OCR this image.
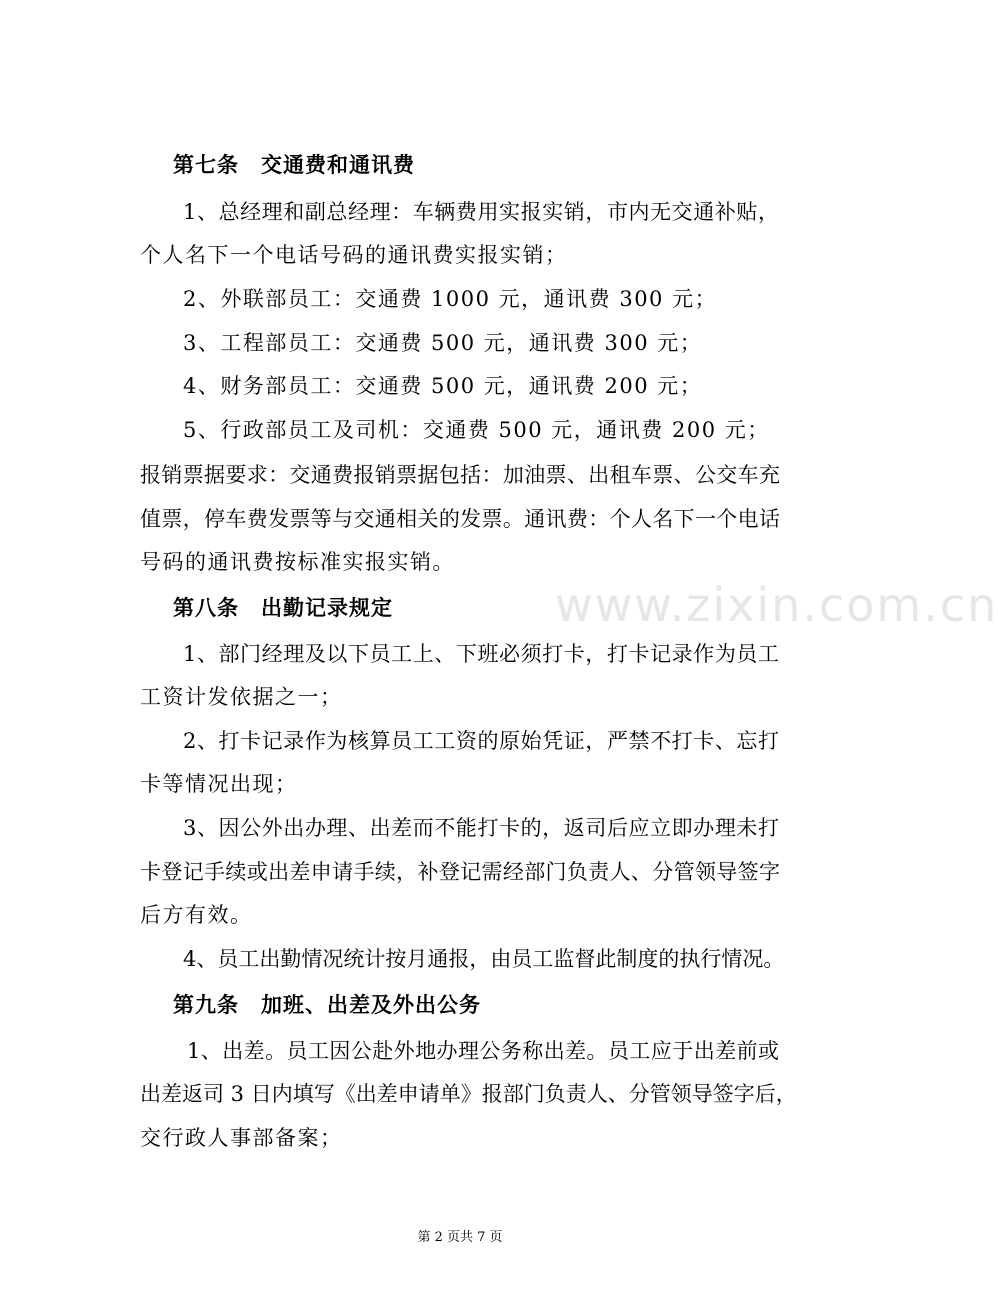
www.zixin.com.cn
第七条　交通费和通讯费
1、总经理和副总经理：车辆费用实报实销，市内无交通补贴，
个人名下一个电话号码的通讯费实报实销；
2、外联部员工：交通费 1000 元，通讯费 300 元；
3、工程部员工：交通费 500 元，通讯费 300 元；
4、财务部员工：交通费 500 元，通讯费 200 元；
5、行政部员工及司机：交通费 500 元，通讯费 200 元；
报销票据要求：交通费报销票据包括：加油票、出租车票、公交车充
值票，停车费发票等与交通相关的发票。通讯费：个人名下一个电话
号码的通讯费按标准实报实销。
第八条　出勤记录规定
1、部门经理及以下员工上、下班必须打卡，打卡记录作为员工
工资计发依据之一；
2、打卡记录作为核算员工工资的原始凭证，严禁不打卡、忘打
卡等情况出现；
3、因公外出办理、出差而不能打卡的，返司后应立即办理未打
卡登记手续或出差申请手续，补登记需经部门负责人、分管领导签字
后方有效。
4、员工出勤情况统计按月通报，由员工监督此制度的执行情况。
第九条　加班、出差及外出公务
1、出差。员工因公赴外地办理公务称出差。员工应于出差前或
出差返司 3 日内填写《出差申请单》报部门负责人、分管领导签字后，
交行政人事部备案；
第 2 页共 7 页
